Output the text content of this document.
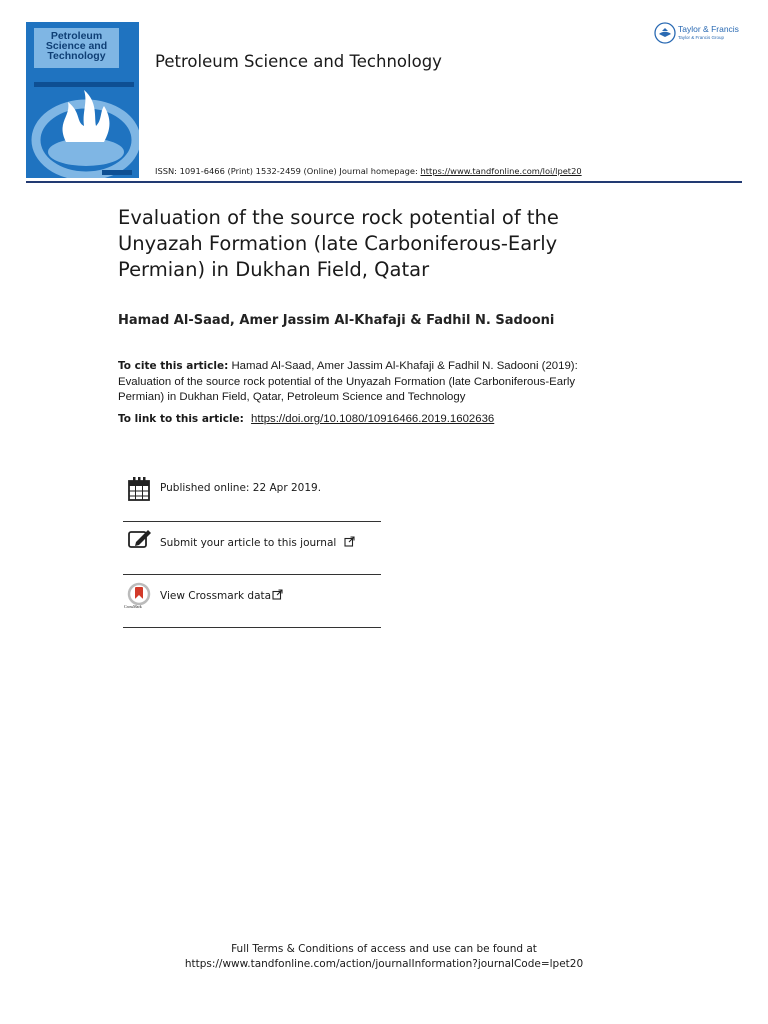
Petroleum
Science and
Technology	Petroleum Science and Technology
Taylor & Francis
Taylor & Francis Group
ISSN: 1091-6466 (Print) 1532-2459 (Online) Journal homepage: https://www.tandfonline.com/loi/lpet20
Evaluation of the source rock potential of the Unyazah Formation (late Carboniferous-Early Permian) in Dukhan Field, Qatar
Hamad Al-Saad, Amer Jassim Al-Khafaji & Fadhil N. Sadooni
To cite this article: Hamad Al-Saad, Amer Jassim Al-Khafaji & Fadhil N. Sadooni (2019): Evaluation of the source rock potential of the Unyazah Formation (late Carboniferous-Early Permian) in Dukhan Field, Qatar, Petroleum Science and Technology
To link to this article: https://doi.org/10.1080/10916466.2019.1602636
Published online: 22 Apr 2019.
Submit your article to this journal
CrossMark
View Crossmark data
Full Terms & Conditions of access and use can be found at
https://www.tandfonline.com/action/journalInformation?journalCode=lpet20
